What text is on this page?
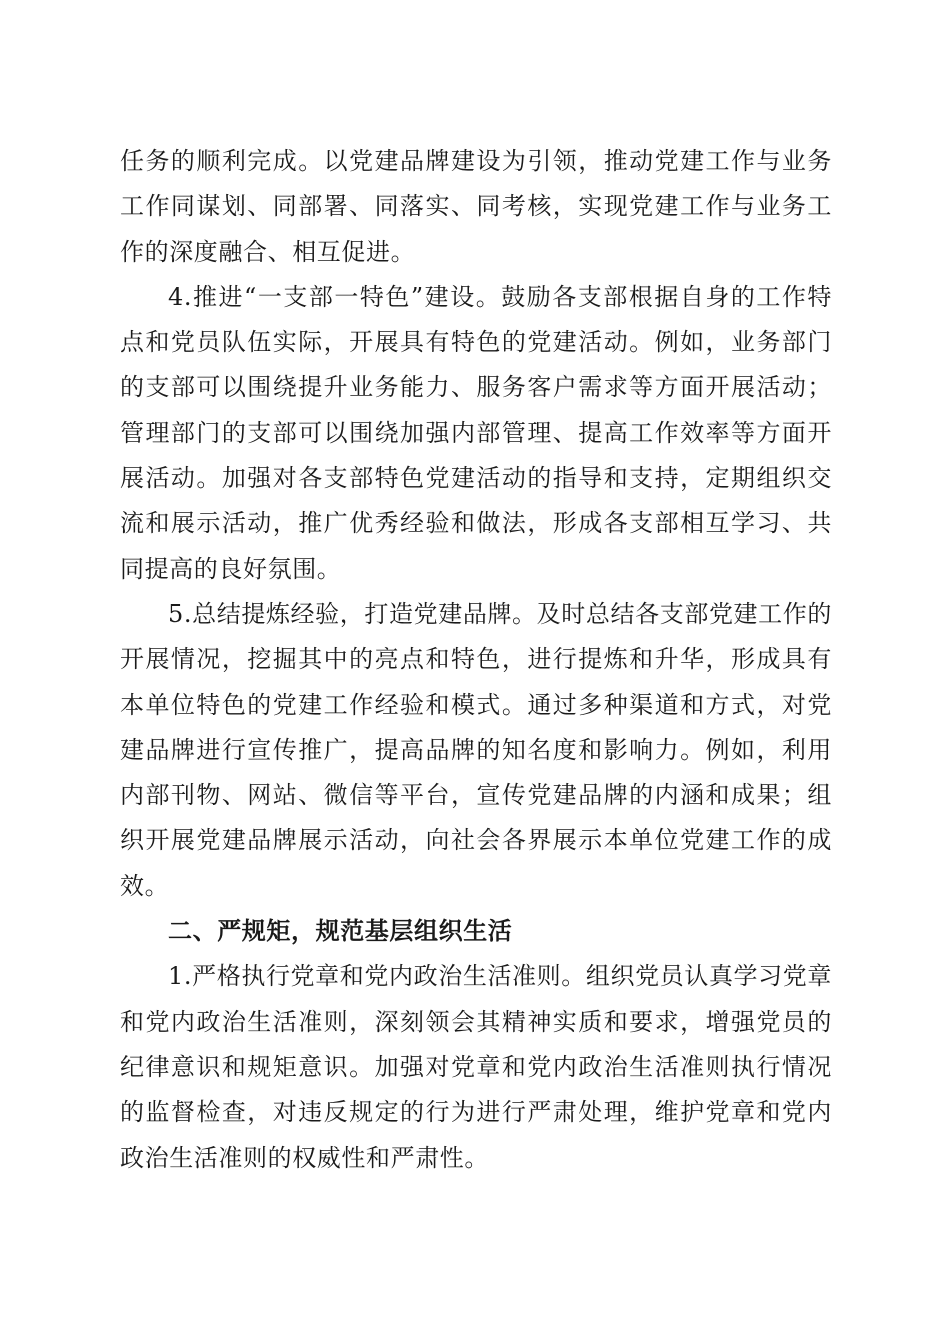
任务的顺利完成。以党建品牌建设为引领，推动党建工作与业务工作同谋划、同部署、同落实、同考核，实现党建工作与业务工作的深度融合、相互促进。

4.推进“一支部一特色”建设。鼓励各支部根据自身的工作特点和党员队伍实际，开展具有特色的党建活动。例如，业务部门的支部可以围绕提升业务能力、服务客户需求等方面开展活动；管理部门的支部可以围绕加强内部管理、提高工作效率等方面开展活动。加强对各支部特色党建活动的指导和支持，定期组织交流和展示活动，推广优秀经验和做法，形成各支部相互学习、共同提高的良好氛围。

5.总结提炼经验，打造党建品牌。及时总结各支部党建工作的开展情况，挖掘其中的亮点和特色，进行提炼和升华，形成具有本单位特色的党建工作经验和模式。通过多种渠道和方式，对党建品牌进行宣传推广，提高品牌的知名度和影响力。例如，利用内部刊物、网站、微信等平台，宣传党建品牌的内涵和成果；组织开展党建品牌展示活动，向社会各界展示本单位党建工作的成效。

二、严规矩，规范基层组织生活

1.严格执行党章和党内政治生活准则。组织党员认真学习党章和党内政治生活准则，深刻领会其精神实质和要求，增强党员的纪律意识和规矩意识。加强对党章和党内政治生活准则执行情况的监督检查，对违反规定的行为进行严肃处理，维护党章和党内政治生活准则的权威性和严肃性。
